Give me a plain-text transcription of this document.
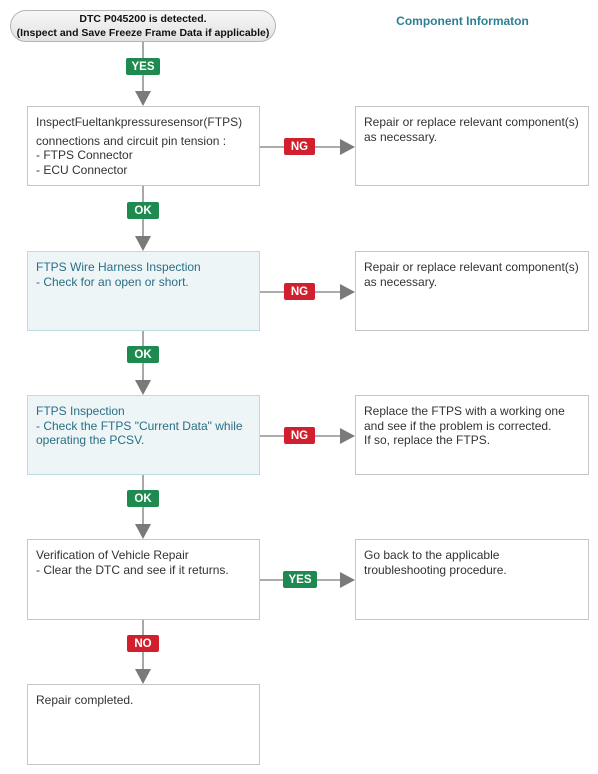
DTC P045200 is detected.
(Inspect and Save Freeze Frame Data if applicable)
Component Informaton
YES
InspectFueltankpressuresensor(FTPS)
connections and circuit pin tension :
- FTPS Connector
- ECU Connector
NG
Repair or replace relevant component(s)
as necessary.
OK
FTPS Wire Harness Inspection
- Check for an open or short.
NG
Repair or replace relevant component(s)
as necessary.
OK
FTPS Inspection
- Check the FTPS "Current Data" while
operating the PCSV.	NG
Replace the FTPS with a working one
and see if the problem is corrected.
If so, replace the FTPS.
OK
Verification of Vehicle Repair
- Clear the DTC and see if it returns.
YES
Go back to the applicable
troubleshooting procedure.
NO
Repair completed.
